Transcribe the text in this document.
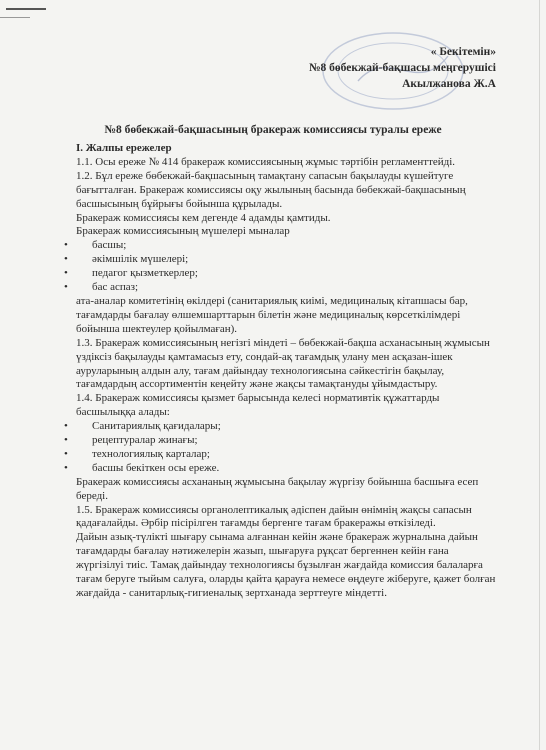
« Бекітемін»
№8 бөбекжай-бақшасы меңгерушісі
Акылжанова Ж.А
№8 бөбекжай-бақшасының бракераж комиссиясы туралы ереже

I. Жалпы ережелер

1.1. Осы ереже № 414 бракераж комиссиясының жұмыс тәртібін регламенттейді.

1.2. Бұл ереже бөбекжай-бақшасының тамақтану сапасын бақылауды күшейтуге бағытталған. Бракераж комиссиясы оқу жылының басында бөбекжай-бақшасының басшысының бұйрығы бойынша құрылады.

Бракераж комиссиясы кем дегенде 4 адамды қамтиды.

Бракераж комиссиясының мүшелері мыналар

• басшы;
• әкімшілік мүшелері;
• педагог қызметкерлер;
• бас аспаз;

ата-аналар комитетінің өкілдері (санитариялық киімі, медициналық кітапшасы бар, тағамдарды бағалау өлшемшарттарын білетін және медициналық көрсеткілімдері бойынша шектеулер қойылмаған).

1.3. Бракераж комиссиясының негізгі міндеті – бөбекжай-бақша асханасының жұмысын үздіксіз бақылауды қамтамасыз ету, сондай-ақ тағамдық улану мен асқазан-ішек ауруларының алдын алу, тағам дайындау технологиясына сәйкестігін бақылау, тағамдардың ассортиментін кеңейту және жақсы тамақтануды ұйымдастыру.

1.4. Бракераж комиссиясы қызмет барысында келесі нормативтік құжаттарды басшылыққа алады:

• Санитариялық қағидалары;
• рецептуралар жинағы;
• технологиялық карталар;
• басшы бекіткен осы ереже.

Бракераж комиссиясы асхананың жұмысына бақылау жүргізу бойынша басшыға есеп береді.

1.5. Бракераж комиссиясы органолептикалық әдіспен дайын өнімнің жақсы сапасын қадағалайды. Әрбір пісірілген тағамды бергенге тағам бракеражы өткізіледі.

Дайын азық-түлікті шығару сынама алғаннан кейін және бракераж журналына дайын тағамдарды бағалау нәтижелерін жазып, шығаруға рұқсат бергеннен кейін ғана жүргізілуі тиіс. Тамақ дайындау технологиясы бұзылған жағдайда комиссия балаларға тағам беруге тыйым салуға, оларды қайта қарауға немесе өңдеуге жіберуге, қажет болған жағдайда - санитарлық-гигиеналық зертханада зерттеуге міндетті.
